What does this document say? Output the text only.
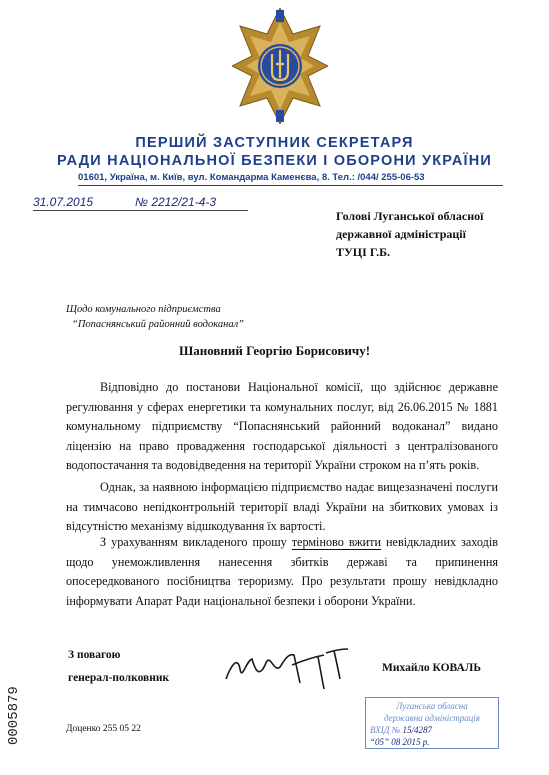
ПЕРШИЙ ЗАСТУПНИК СЕКРЕТАРЯ
РАДИ НАЦІОНАЛЬНОЇ БЕЗПЕКИ І ОБОРОНИ УКРАЇНИ
01601, Україна, м. Київ, вул. Командарма Каменєва, 8. Тел.: /044/ 255-06-53
31.07.2015	№ 2212/21-4-3
Голові Луганської обласної
державної адміністрації
ТУЦІ Г.Б.
Щодо комунального підприємства
“Попаснянський районний водоканал”
Шановний Георгію Борисовичу!
Відповідно до постанови Національної комісії, що здійснює державне регулювання у сферах енергетики та комунальних послуг, від 26.06.2015 № 1881 комунальному підприємству “Попаснянський районний водоканал” видано ліцензію на право провадження господарської діяльності з централізованого водопостачання та водовідведення на території України строком на п’ять років.
Однак, за наявною інформацією підприємство надає вищезазначені послуги на тимчасово непідконтрольній території владі України на збиткових умовах із відсутністю механізму відшкодування їх вартості.
З урахуванням викладеного прошу терміново вжити невідкладних заходів щодо унеможливлення нанесення збитків державі та припинення опосередкованого посібництва тероризму. Про результати прошу невідкладно інформувати Апарат Ради національної безпеки і оборони України.
З повагою
генерал-полковник
Михайло КОВАЛЬ
Луганська обласна
державна адміністрація
ВХІД № 15/4287
“05” 08 2015 р.
Доценко 255 05 22
0005879
